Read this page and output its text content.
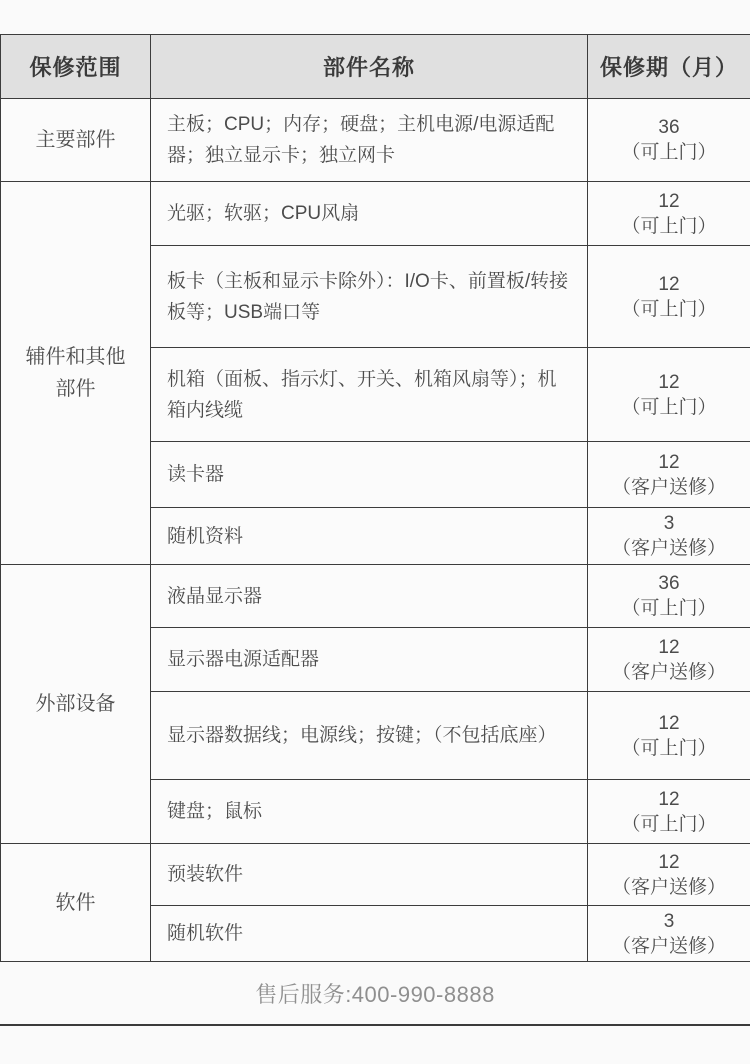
保修范围	部件名称	保修期（月）
主要部件	主板；CPU；内存；硬盘；主机电源/电源适配器；独立显示卡；独立网卡	36
（可上门）

辅件和其他部件	光驱；软驱；CPU风扇	12
（可上门）

	板卡（主板和显示卡除外）：I/O卡、前置板/转接板等；USB端口等	12
（可上门）

	机箱（面板、指示灯、开关、机箱风扇等）；机箱内线缆	12
（可上门）

	读卡器	12
（客户送修）

	随机资料	3
（客户送修）

外部设备	液晶显示器	36
（可上门）

	显示器电源适配器	12
（客户送修）

	显示器数据线；电源线；按键；（不包括底座）	12
（可上门）

	键盘；鼠标	12
（可上门）

软件	预装软件	12
（客户送修）

	随机软件	3
（客户送修）
售后服务:400-990-8888
